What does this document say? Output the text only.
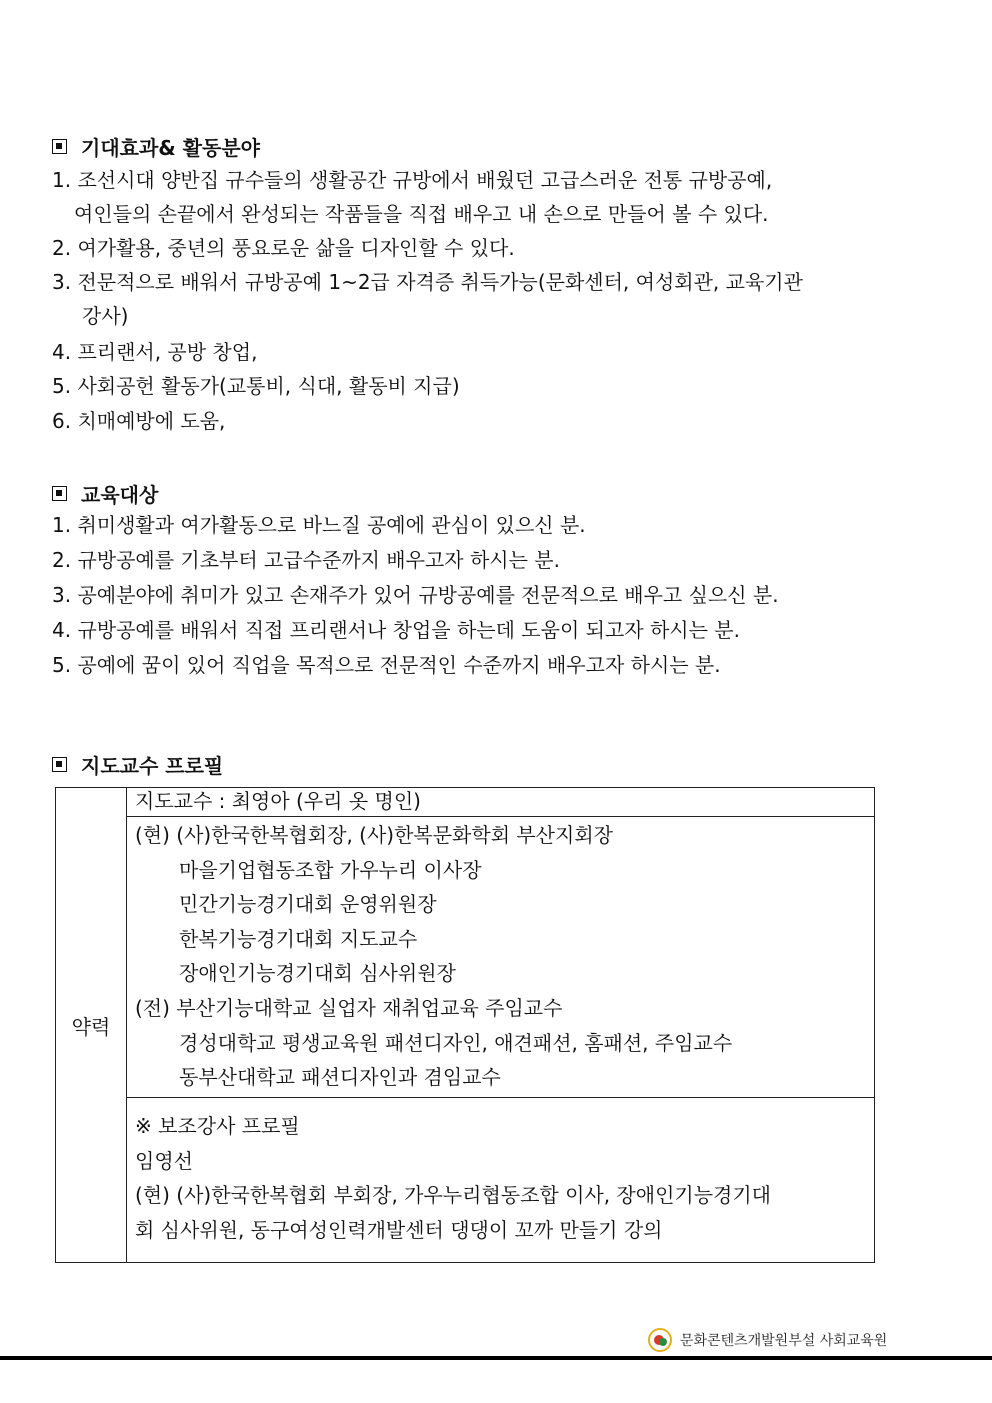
기대효과& 활동분야
1. 조선시대 양반집 규수들의 생활공간 규방에서 배웠던 고급스러운 전통 규방공예,
여인들의 손끝에서 완성되는 작품들을 직접 배우고 내 손으로 만들어 볼 수 있다.
2. 여가활용, 중년의 풍요로운 삶을 디자인할 수 있다.
3. 전문적으로 배워서 규방공예 1~2급 자격증 취득가능(문화센터, 여성회관, 교육기관
강사)
4. 프리랜서, 공방 창업,
5. 사회공헌 활동가(교통비, 식대, 활동비 지급)
6. 치매예방에 도움,
교육대상
1. 취미생활과 여가활동으로 바느질 공예에 관심이 있으신 분.
2. 규방공예를 기초부터 고급수준까지 배우고자 하시는 분.
3. 공예분야에 취미가 있고 손재주가 있어 규방공예를 전문적으로 배우고 싶으신 분.
4. 규방공예를 배워서 직접 프리랜서나 창업을 하는데 도움이 되고자 하시는 분.
5. 공예에 꿈이 있어 직업을 목적으로 전문적인 수준까지 배우고자 하시는 분.
지도교수 프로필
약력	
지도교수 : 최영아 (우리 옷 명인)

(현) (사)한국한복협회장, (사)한복문화학회 부산지회장
마을기업협동조합 가우누리 이사장
민간기능경기대회 운영위원장
한복기능경기대회 지도교수
장애인기능경기대회 심사위원장
(전) 부산기능대학교 실업자 재취업교육 주임교수
경성대학교 평생교육원 패션디자인, 애견패션, 홈패션, 주임교수
동부산대학교 패션디자인과 겸임교수

※ 보조강사 프로필
임영선
(현) (사)한국한복협회 부회장, 가우누리협동조합 이사, 장애인기능경기대
회 심사위원, 동구여성인력개발센터 댕댕이 꼬까 만들기 강의
문화콘텐츠개발원부설 사회교육원
